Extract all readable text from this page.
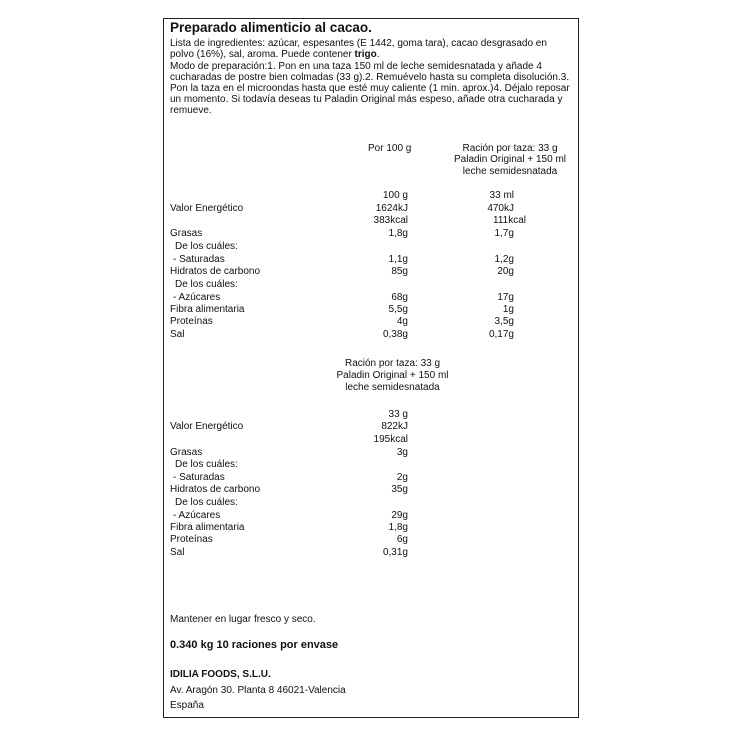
Preparado alimenticio al cacao.
Lista de ingredientes: azúcar, espesantes (E 1442, goma tara), cacao desgrasado en polvo (16%), sal, aroma. Puede contener trigo.
Modo de preparación:1. Pon en una taza 150 ml de leche semidesnatada y añade 4 cucharadas de postre bien colmadas (33 g).2. Remuévelo hasta su completa disolución.3. Pon la taza en el microondas hasta que esté muy caliente (1 min. aprox.)4. Déjalo reposar un momento. Si todavía deseas tu Paladin Original más espeso, añade otra cucharada y remueve.
Por 100 g	Ración por taza: 33 g
Paladin Original + 150 ml
leche semidesnatada
100 g	33 ml
Valor Energético	1624kJ	470kJ
383kcal	111kcal
Grasas	1,8g	1,7g
De los cuáles:
- Saturadas	1,1g	1,2g
Hidratos de carbono	85g	20g
De los cuáles:
- Azúcares	68g	17g
Fibra alimentaria	5,5g	1g
Proteínas	4g	3,5g
Sal	0,38g	0,17g
Ración por taza: 33 g
Paladin Original + 150 ml
leche semidesnatada
33 g
Valor Energético	822kJ
195kcal
Grasas	3g
De los cuáles:
- Saturadas	2g
Hidratos de carbono	35g
De los cuáles:
- Azúcares	29g
Fibra alimentaria	1,8g
Proteínas	6g
Sal	0,31g
Mantener en lugar fresco y seco.
0.340 kg 10 raciones por envase
IDILIA FOODS, S.L.U.
Av. Aragón 30. Planta 8 46021-Valencia
España
